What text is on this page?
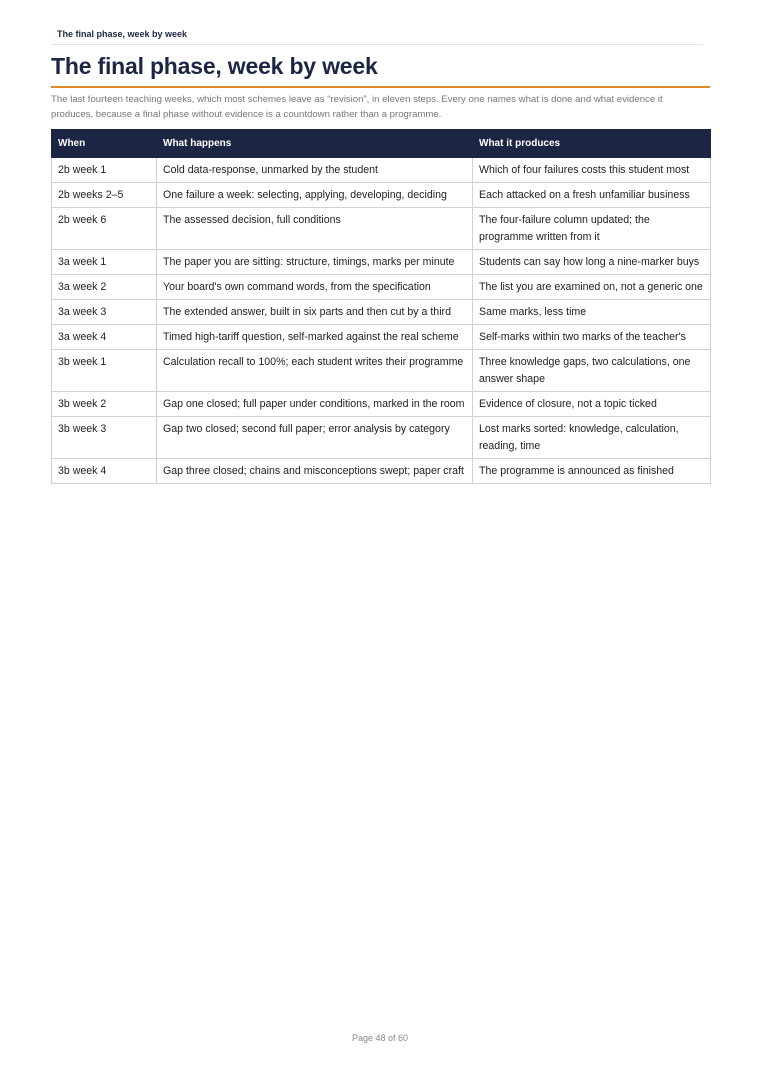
The final phase, week by week
The final phase, week by week

The last fourteen teaching weeks, which most schemes leave as “revision”, in eleven steps. Every one names what is done and what evidence it produces, because a final phase without evidence is a countdown rather than a programme.

When	What happens	What it produces
2b week 1	Cold data-response, unmarked by the student	Which of four failures costs this student most
2b weeks 2–5	One failure a week: selecting, applying, developing, deciding	Each attacked on a fresh unfamiliar business
2b week 6	The assessed decision, full conditions	The four-failure column updated; the programme written from it
3a week 1	The paper you are sitting: structure, timings, marks per minute	Students can say how long a nine-marker buys
3a week 2	Your board's own command words, from the specification	The list you are examined on, not a generic one
3a week 3	The extended answer, built in six parts and then cut by a third	Same marks, less time
3a week 4	Timed high-tariff question, self-marked against the real scheme	Self-marks within two marks of the teacher's
3b week 1	Calculation recall to 100%; each student writes their programme	Three knowledge gaps, two calculations, one answer shape
3b week 2	Gap one closed; full paper under conditions, marked in the room	Evidence of closure, not a topic ticked
3b week 3	Gap two closed; second full paper; error analysis by category	Lost marks sorted: knowledge, calculation, reading, time
3b week 4	Gap three closed; chains and misconceptions swept; paper craft	The programme is announced as finished
Page 48 of 60
